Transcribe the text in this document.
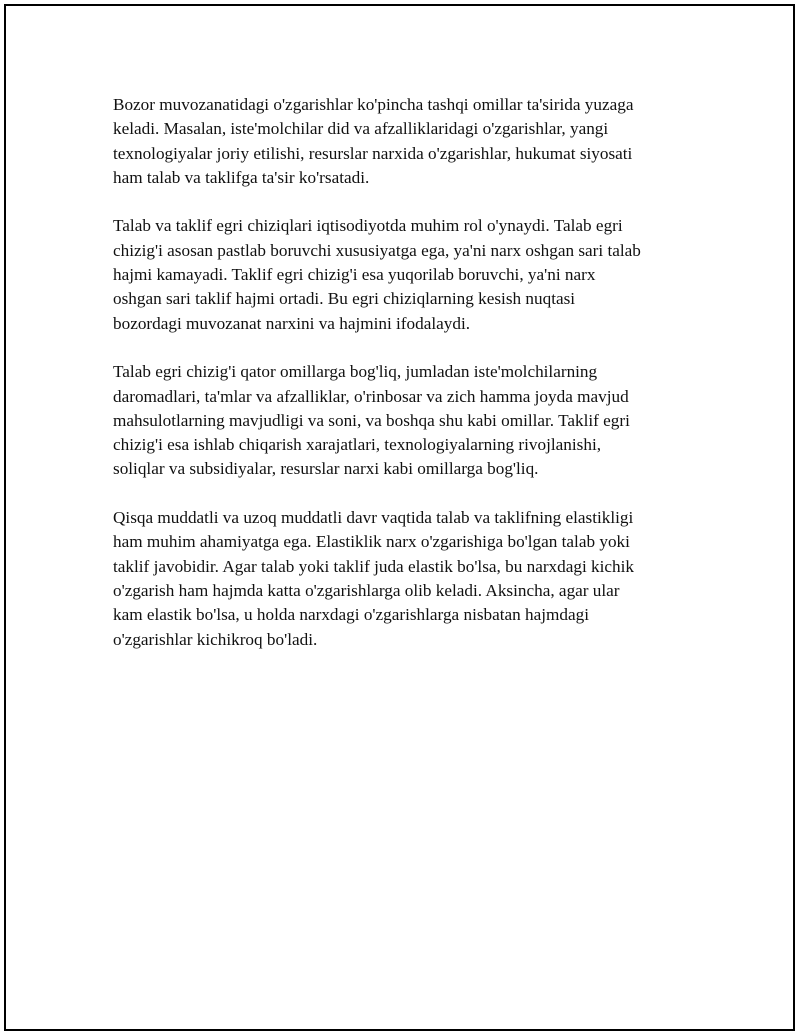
Bozor muvozanatidagi o'zgarishlar ko'pincha tashqi omillar ta'sirida yuzaga
keladi. Masalan, iste'molchilar did va afzalliklaridagi o'zgarishlar, yangi
texnologiyalar joriy etilishi, resurslar narxida o'zgarishlar, hukumat siyosati
ham talab va taklifga ta'sir ko'rsatadi.

Talab va taklif egri chiziqlari iqtisodiyotda muhim rol o'ynaydi. Talab egri
chizig'i asosan pastlab boruvchi xususiyatga ega, ya'ni narx oshgan sari talab
hajmi kamayadi. Taklif egri chizig'i esa yuqorilab boruvchi, ya'ni narx
oshgan sari taklif hajmi ortadi. Bu egri chiziqlarning kesish nuqtasi
bozordagi muvozanat narxini va hajmini ifodalaydi.

Talab egri chizig'i qator omillarga bog'liq, jumladan iste'molchilarning
daromadlari, ta'mlar va afzalliklar, o'rinbosar va zich hamma joyda mavjud
mahsulotlarning mavjudligi va soni, va boshqa shu kabi omillar. Taklif egri
chizig'i esa ishlab chiqarish xarajatlari, texnologiyalarning rivojlanishi,
soliqlar va subsidiyalar, resurslar narxi kabi omillarga bog'liq.

Qisqa muddatli va uzoq muddatli davr vaqtida talab va taklifning elastikligi
ham muhim ahamiyatga ega. Elastiklik narx o'zgarishiga bo'lgan talab yoki
taklif javobidir. Agar talab yoki taklif juda elastik bo'lsa, bu narxdagi kichik
o'zgarish ham hajmda katta o'zgarishlarga olib keladi. Aksincha, agar ular
kam elastik bo'lsa, u holda narxdagi o'zgarishlarga nisbatan hajmdagi
o'zgarishlar kichikroq bo'ladi.
